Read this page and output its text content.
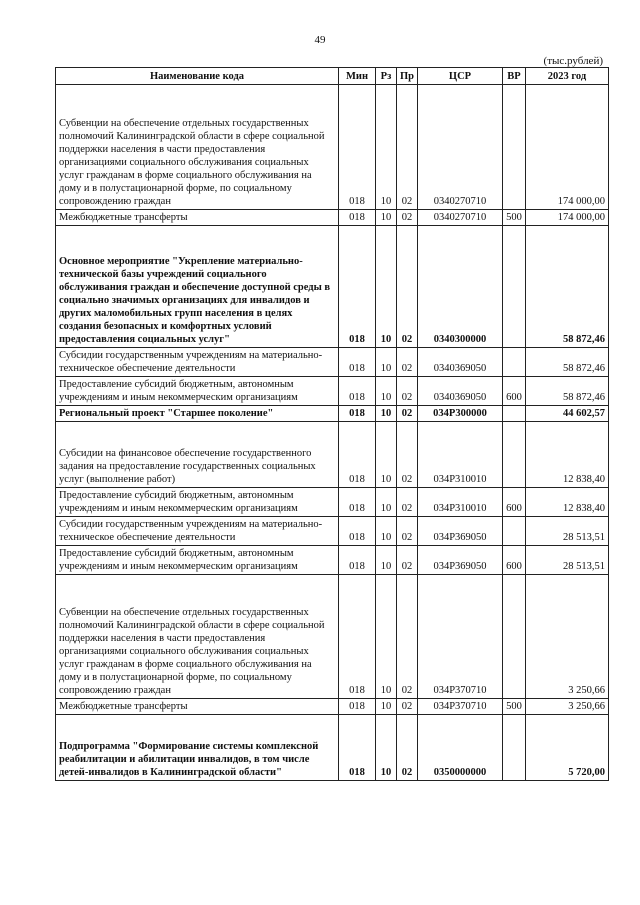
49
(тыс.рублей)
Наименование кода	Мин	Рз	Пр	ЦСР	ВР	2023 год

Субвенции на обеспечение отдельных государственных полномочий Калининградской области в сфере социальной поддержки населения в части предоставления организациями социального обслуживания социальных услуг гражданам в форме социального обслуживания на дому и в полустационарной форме, по социальному сопровождению граждан	018	10	02	0340270710		174 000,00

Межбюджетные трансферты	018	10	02	0340270710	500	174 000,00

Основное мероприятие "Укрепление материально-технической базы учреждений социального обслуживания граждан и обеспечение доступной среды в социально значимых организациях для инвалидов и других маломобильных групп населения в целях создания безопасных и комфортных условий предоставления социальных услуг"	018	10	02	0340300000		58 872,46

Субсидии государственным учреждениям на материально-техническое обеспечение деятельности	018	10	02	0340369050		58 872,46

Предоставление субсидий бюджетным, автономным учреждениям и иным некоммерческим организациям	018	10	02	0340369050	600	58 872,46

Региональный проект "Старшее поколение"	018	10	02	034P300000		44 602,57

Субсидии на финансовое обеспечение государственного задания на предоставление государственных социальных услуг (выполнение работ)	018	10	02	034P310010		12 838,40

Предоставление субсидий бюджетным, автономным учреждениям и иным некоммерческим организациям	018	10	02	034P310010	600	12 838,40

Субсидии государственным учреждениям на материально-техническое обеспечение деятельности	018	10	02	034P369050		28 513,51

Предоставление субсидий бюджетным, автономным учреждениям и иным некоммерческим организациям	018	10	02	034P369050	600	28 513,51

Субвенции на обеспечение отдельных государственных полномочий Калининградской области в сфере социальной поддержки населения в части предоставления организациями социального обслуживания социальных услуг гражданам в форме социального обслуживания на дому и в полустационарной форме, по социальному сопровождению граждан	018	10	02	034P370710		3 250,66

Межбюджетные трансферты	018	10	02	034P370710	500	3 250,66

Подпрограмма "Формирование системы комплексной реабилитации и абилитации инвалидов, в том числе детей-инвалидов в Калининградской области"	018	10	02	0350000000		5 720,00
